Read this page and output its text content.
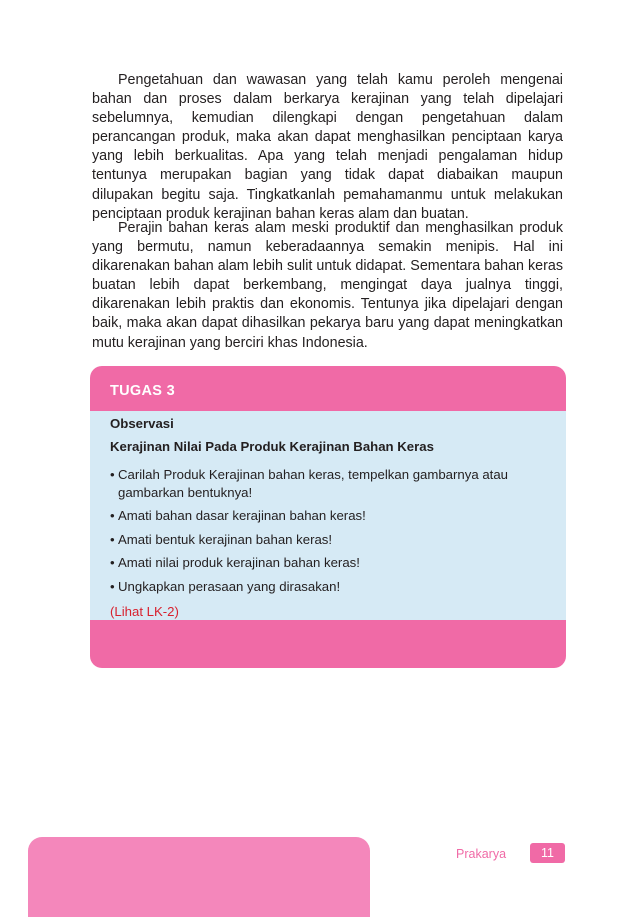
Pengetahuan dan wawasan yang telah kamu peroleh mengenai bahan dan proses dalam berkarya kerajinan yang telah dipelajari sebelumnya, kemudian dilengkapi dengan pengetahuan dalam perancangan produk, maka akan dapat menghasilkan penciptaan karya yang lebih berkualitas. Apa yang telah menjadi pengalaman hidup tentunya merupakan bagian yang tidak dapat diabaikan maupun dilupakan begitu saja. Tingkatkanlah pemahamanmu untuk melakukan penciptaan produk kerajinan bahan keras alam dan buatan.

Perajin bahan keras alam meski produktif dan menghasilkan produk yang bermutu, namun keberadaannya semakin menipis. Hal ini dikarenakan bahan alam lebih sulit untuk didapat. Sementara bahan keras buatan lebih dapat berkembang, mengingat daya jualnya tinggi, dikarenakan lebih praktis dan ekonomis. Tentunya jika dipelajari dengan baik, maka akan dapat dihasilkan pekarya baru yang dapat meningkatkan mutu kerajinan yang berciri khas Indonesia.

TUGAS 3
Observasi
Kerajinan Nilai Pada Produk Kerajinan Bahan Keras
• Carilah Produk Kerajinan bahan keras, tempelkan gambarnya atau gambarkan bentuknya!
• Amati bahan dasar kerajinan bahan keras!
• Amati bentuk kerajinan bahan keras!
• Amati nilai produk kerajinan bahan keras!
• Ungkapkan perasaan yang dirasakan!
(Lihat LK-2)
Prakarya	11
